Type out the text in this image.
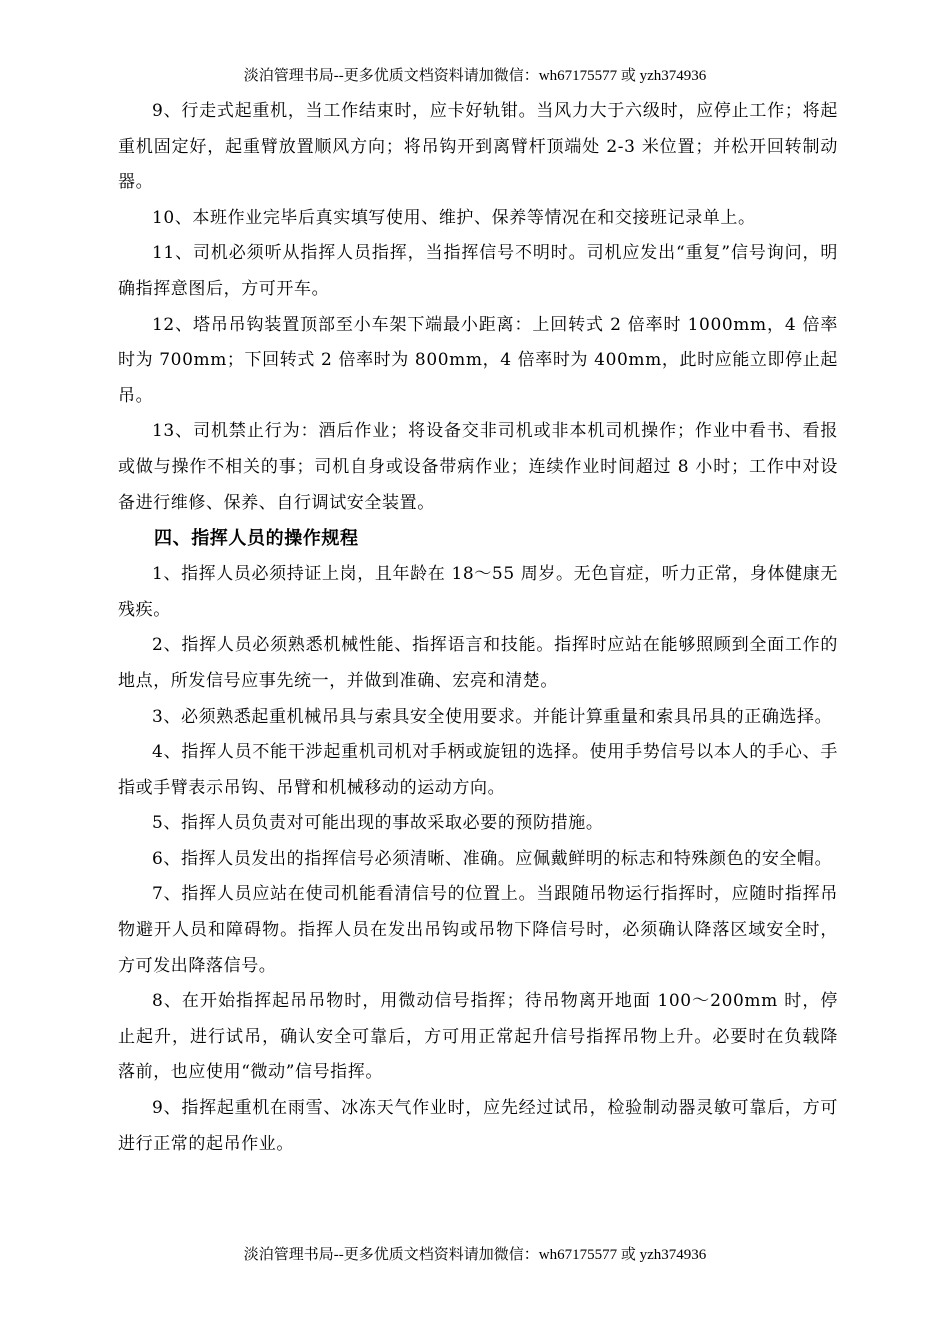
淡泊管理书局--更多优质文档资料请加微信：wh67175577 或 yzh374936

9、行走式起重机，当工作结束时，应卡好轨钳。当风力大于六级时，应停止工作；将起重机固定好，起重臂放置顺风方向；将吊钩开到离臂杆顶端处 2-3 米位置；并松开回转制动器。

10、本班作业完毕后真实填写使用、维护、保养等情况在和交接班记录单上。

11、司机必须听从指挥人员指挥，当指挥信号不明时。司机应发出“重复”信号询问，明确指挥意图后，方可开车。

12、塔吊吊钩装置顶部至小车架下端最小距离：上回转式 2 倍率时 1000mm，4 倍率时为 700mm；下回转式 2 倍率时为 800mm，4 倍率时为 400mm，此时应能立即停止起吊。

13、司机禁止行为：酒后作业；将设备交非司机或非本机司机操作；作业中看书、看报或做与操作不相关的事；司机自身或设备带病作业；连续作业时间超过 8 小时；工作中对设备进行维修、保养、自行调试安全装置。

四、指挥人员的操作规程

1、指挥人员必须持证上岗，且年龄在 18～55 周岁。无色盲症，听力正常，身体健康无残疾。

2、指挥人员必须熟悉机械性能、指挥语言和技能。指挥时应站在能够照顾到全面工作的地点，所发信号应事先统一，并做到准确、宏亮和清楚。

3、必须熟悉起重机械吊具与索具安全使用要求。并能计算重量和索具吊具的正确选择。

4、指挥人员不能干涉起重机司机对手柄或旋钮的选择。使用手势信号以本人的手心、手指或手臂表示吊钩、吊臂和机械移动的运动方向。

5、指挥人员负责对可能出现的事故采取必要的预防措施。

6、指挥人员发出的指挥信号必须清晰、准确。应佩戴鲜明的标志和特殊颜色的安全帽。

7、指挥人员应站在使司机能看清信号的位置上。当跟随吊物运行指挥时，应随时指挥吊物避开人员和障碍物。指挥人员在发出吊钩或吊物下降信号时，必须确认降落区域安全时，方可发出降落信号。

8、在开始指挥起吊吊物时，用微动信号指挥；待吊物离开地面 100～200mm 时，停止起升，进行试吊，确认安全可靠后，方可用正常起升信号指挥吊物上升。必要时在负载降落前，也应使用“微动”信号指挥。

9、指挥起重机在雨雪、冰冻天气作业时，应先经过试吊，检验制动器灵敏可靠后，方可进行正常的起吊作业。

淡泊管理书局--更多优质文档资料请加微信：wh67175577 或 yzh374936
